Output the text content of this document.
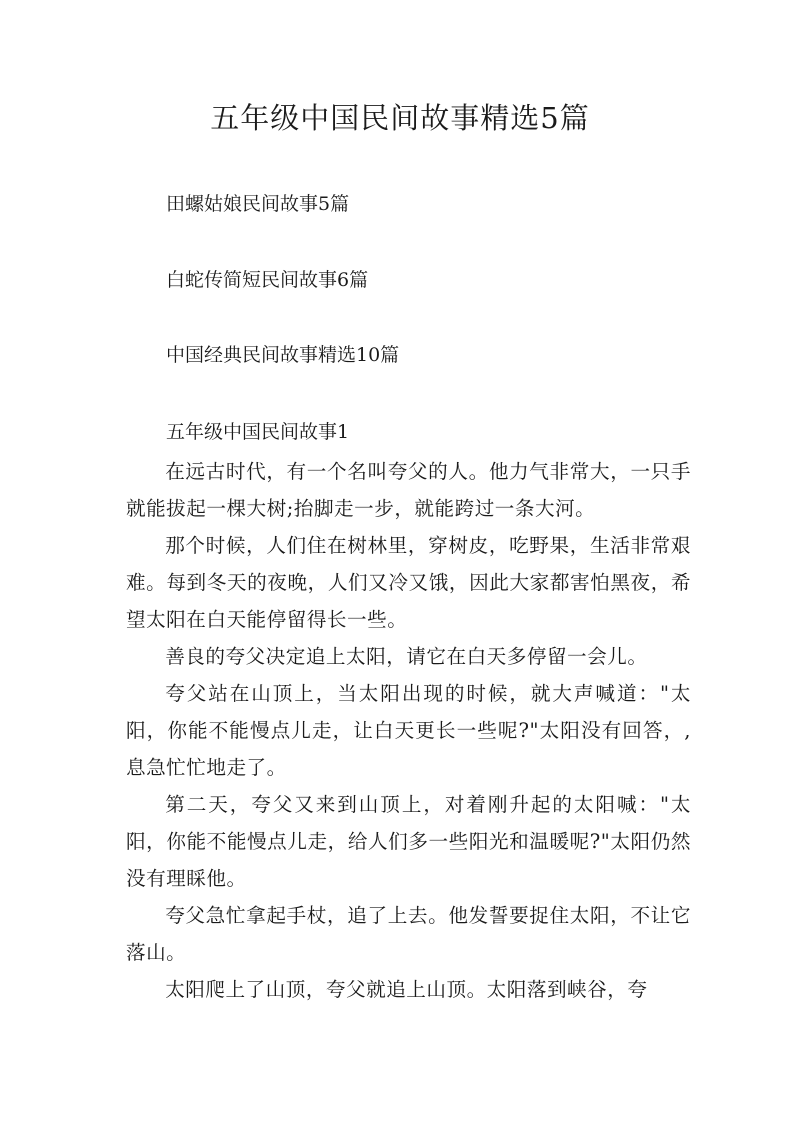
五年级中国民间故事精选5篇
田螺姑娘民间故事5篇
白蛇传简短民间故事6篇
中国经典民间故事精选10篇
五年级中国民间故事1

在远古时代，有一个名叫夸父的人。他力气非常大，一只手就能拔起一棵大树;抬脚走一步，就能跨过一条大河。

那个时候，人们住在树林里，穿树皮，吃野果，生活非常艰难。每到冬天的夜晚，人们又冷又饿，因此大家都害怕黑夜，希望太阳在白天能停留得长一些。

善良的夸父决定追上太阳，请它在白天多停留一会儿。

夸父站在山顶上，当太阳出现的时候，就大声喊道："太阳，你能不能慢点儿走，让白天更长一些呢?"太阳没有回答，,息急忙忙地走了。

第二天，夸父又来到山顶上，对着刚升起的太阳喊："太阳，你能不能慢点儿走，给人们多一些阳光和温暖呢?"太阳仍然没有理睬他。

夸父急忙拿起手杖，追了上去。他发誓要捉住太阳，不让它落山。

太阳爬上了山顶，夸父就追上山顶。太阳落到峡谷，夸
